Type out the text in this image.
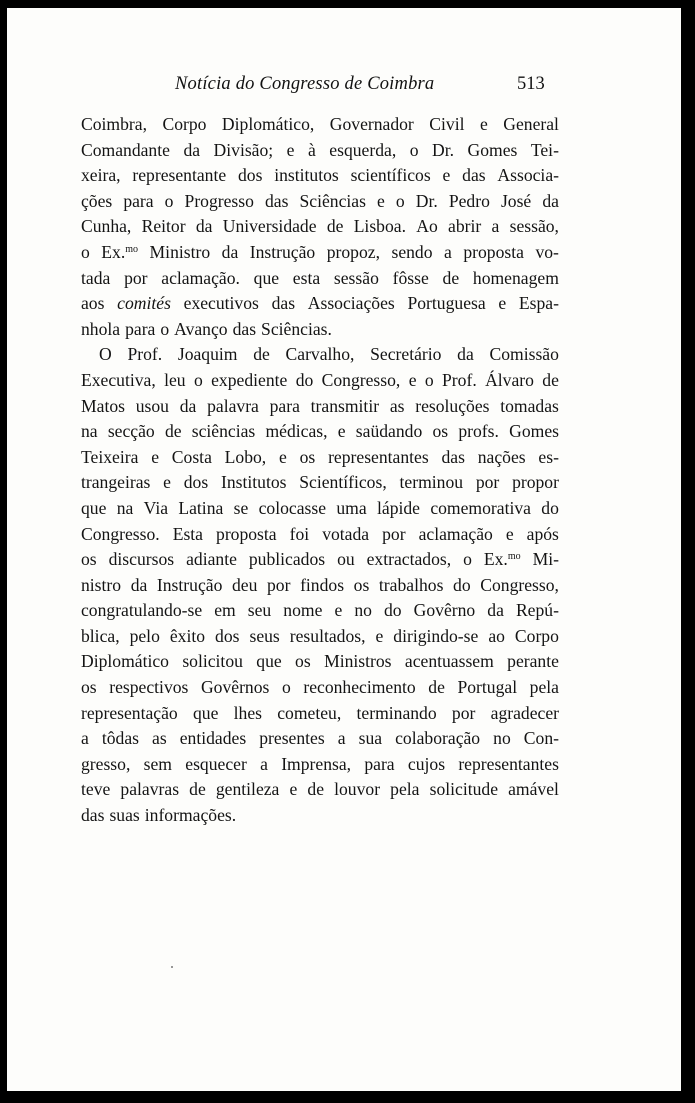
Notícia do Congresso de Coimbra	513
Coimbra, Corpo Diplomático, Governador Civil e General
Comandante da Divisão; e à esquerda, o Dr. Gomes Tei-
xeira, representante dos institutos scientíficos e das Associa-
ções para o Progresso das Sciências e o Dr. Pedro José da
Cunha, Reitor da Universidade de Lisboa. Ao abrir a sessão,
o Ex.$^{mo}$ Ministro da Instrução propoz, sendo a proposta vo-
tada por aclamação. que esta sessão fôsse de homenagem
aos comités executivos das Associações Portuguesa e Espa-
nhola para o Avanço das Sciências.
O Prof. Joaquim de Carvalho, Secretário da Comissão
Executiva, leu o expediente do Congresso, e o Prof. Álvaro de
Matos usou da palavra para transmitir as resoluções tomadas
na secção de sciências médicas, e saüdando os profs. Gomes
Teixeira e Costa Lobo, e os representantes das nações es-
trangeiras e dos Institutos Scientíficos, terminou por propor
que na Via Latina se colocasse uma lápide comemorativa do
Congresso. Esta proposta foi votada por aclamação e após
os discursos adiante publicados ou extractados, o Ex.$^{mo}$ Mi-
nistro da Instrução deu por findos os trabalhos do Congresso,
congratulando-se em seu nome e no do Govêrno da Repú-
blica, pelo êxito dos seus resultados, e dirigindo-se ao Corpo
Diplomático solicitou que os Ministros acentuassem perante
os respectivos Govêrnos o reconhecimento de Portugal pela
representação que lhes cometeu, terminando por agradecer
a tôdas as entidades presentes a sua colaboração no Con-
gresso, sem esquecer a Imprensa, para cujos representantes
teve palavras de gentileza e de louvor pela solicitude amável
das suas informações.
